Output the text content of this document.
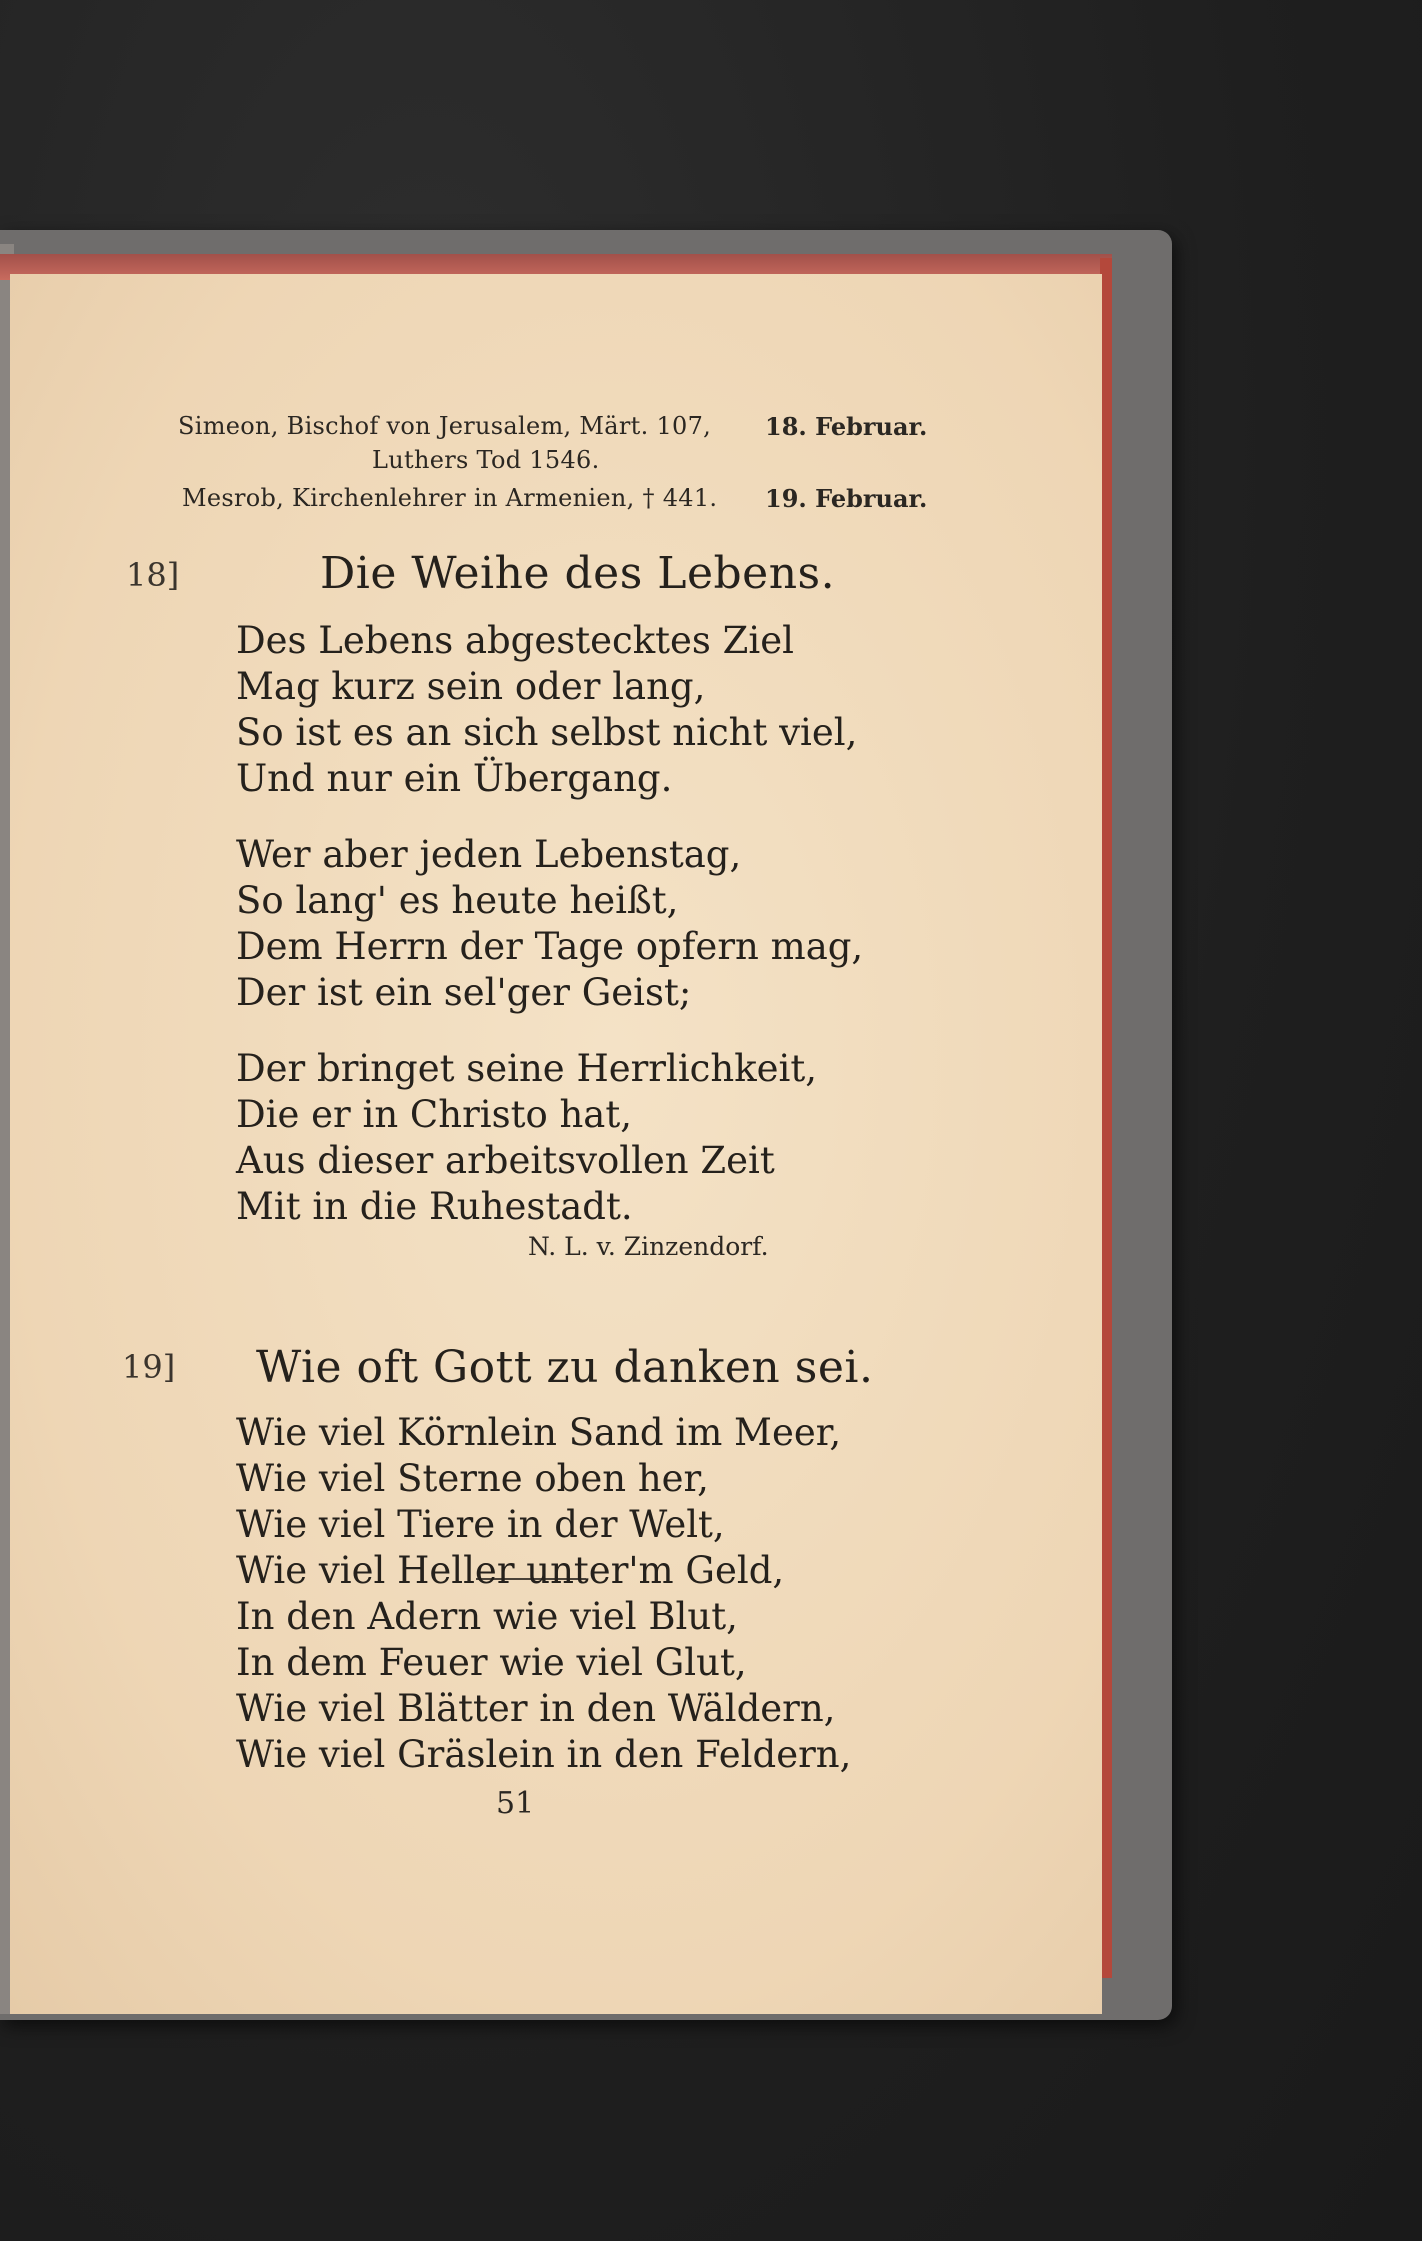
Simeon, Bischof von Jerusalem, Märt. 107, 18. Februar.
Luthers Tod 1546.
Mesrob, Kirchenlehrer in Armenien, † 441. 19. Februar.
18]	Die Weihe des Lebens.
Des Lebens abgestecktes Ziel
Mag kurz sein oder lang,
So ist es an sich selbst nicht viel,
Und nur ein Übergang.
Wer aber jeden Lebenstag,
So lang' es heute heißt,
Dem Herrn der Tage opfern mag,
Der ist ein sel'ger Geist;
Der bringet seine Herrlichkeit,
Die er in Christo hat,
Aus dieser arbeitsvollen Zeit
Mit in die Ruhestadt.
N. L. v. Zinzendorf.
19] Wie oft Gott zu danken sei.
Wie viel Körnlein Sand im Meer,
Wie viel Sterne oben her,
Wie viel Tiere in der Welt,
Wie viel Heller unter'm Geld,
In den Adern wie viel Blut,
In dem Feuer wie viel Glut,
Wie viel Blätter in den Wäldern,
Wie viel Gräslein in den Feldern,
51
